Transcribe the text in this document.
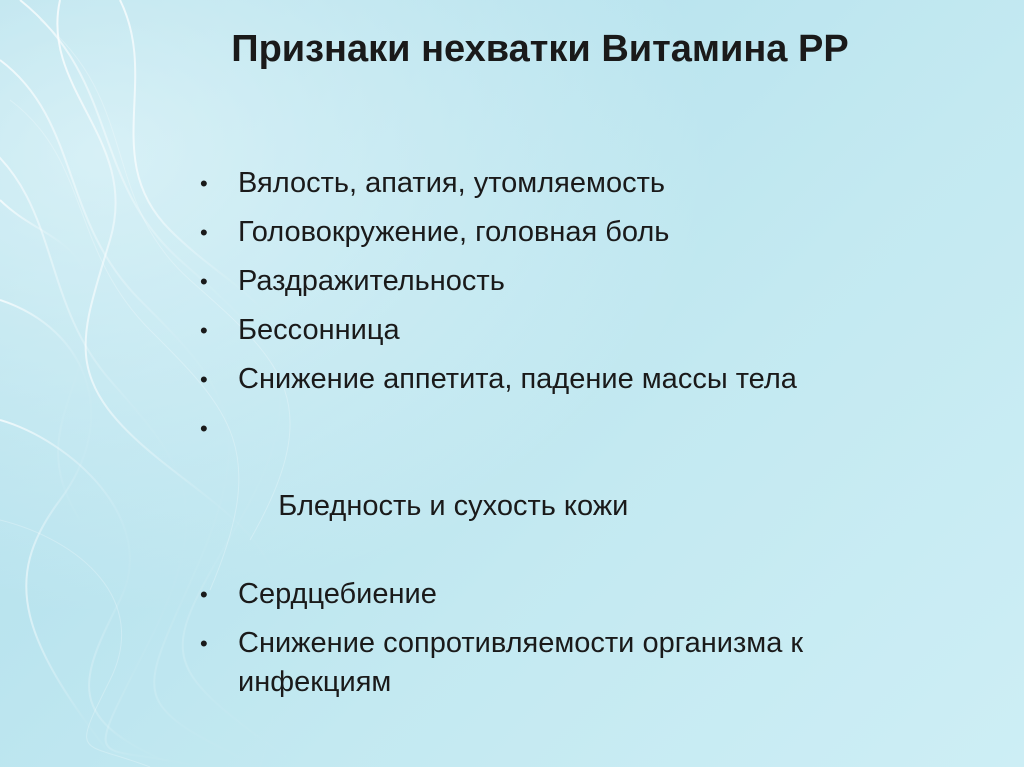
Признаки нехватки Витамина РР
• Вялость, апатия, утомляемость
• Головокружение, головная боль
• Раздражительность
• Бессонница
• Снижение аппетита, падение массы тела

•

Бледность и сухость кожи

• Сердцебиение
• Снижение сопротивляемости организма к инфекциям
